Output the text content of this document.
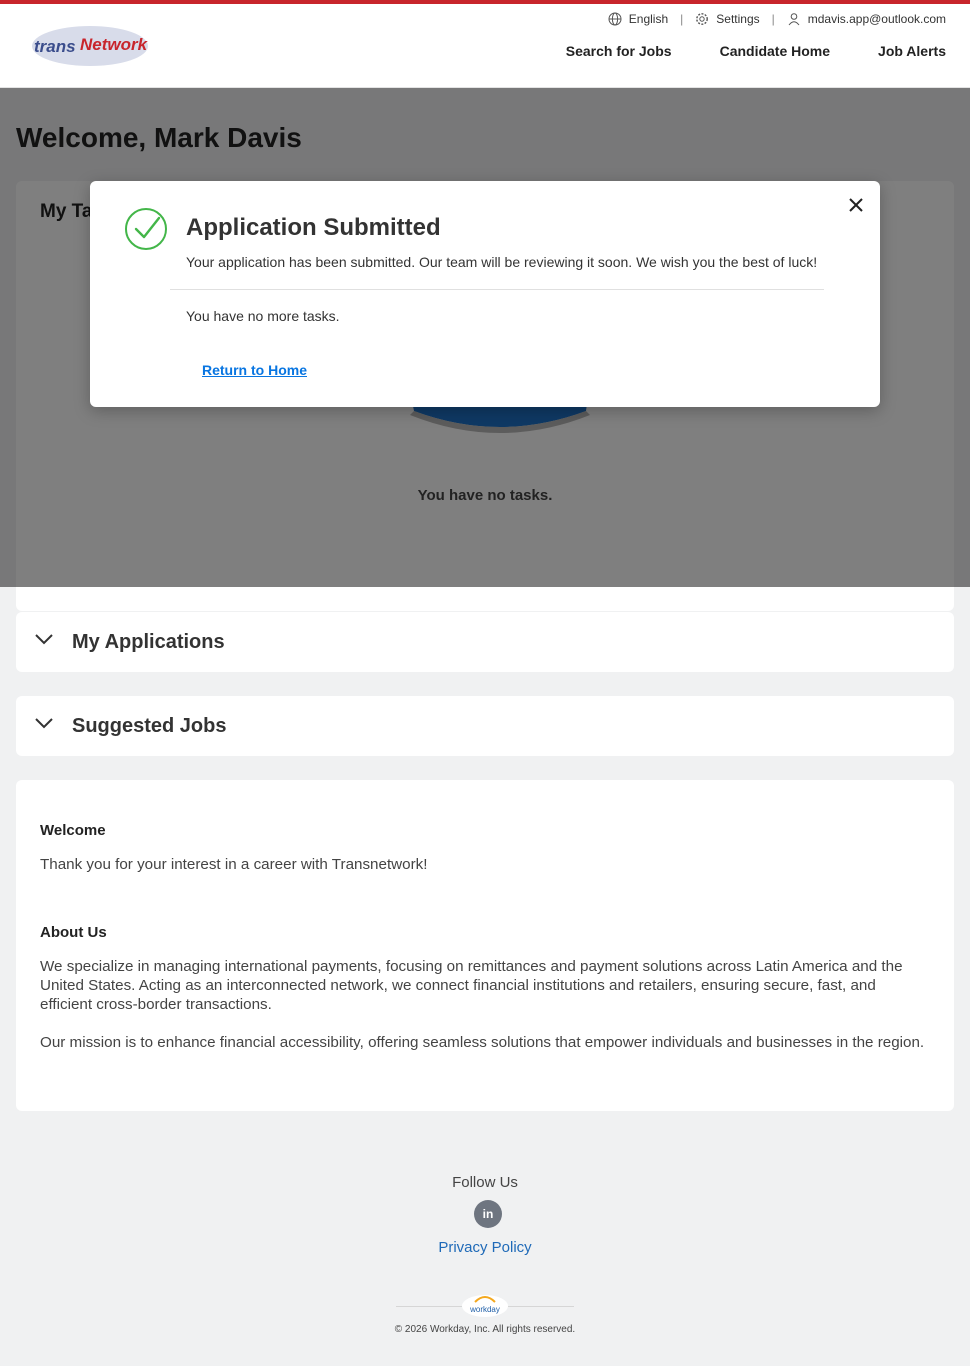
trans Network
English |	Settings |	mdavis.app@outlook.com
Search for Jobs	Candidate Home	Job Alerts
Application Submitted
Your application has been submitted. Our team will be reviewing it soon. We wish you the best of luck!
You have no more tasks.
Return to Home
My Applications
Suggested Jobs
Welcome

Thank you for your interest in a career with Transnetwork!

About Us

We specialize in managing international payments, focusing on remittances and payment solutions across Latin America and the United States. Acting as an interconnected network, we connect financial institutions and retailers, ensuring secure, fast, and efficient cross-border transactions.

Our mission is to enhance financial accessibility, offering seamless solutions that empower individuals and businesses in the region.

Follow Us
in
Privacy Policy
workday
© 2026 Workday, Inc. All rights reserved.
